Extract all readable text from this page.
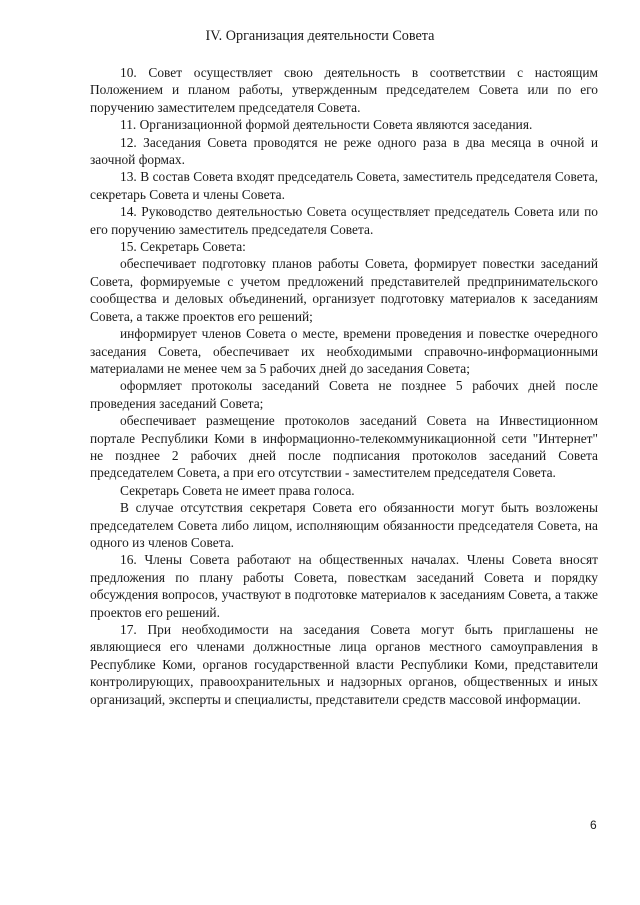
IV. Организация деятельности Совета

10. Совет осуществляет свою деятельность в соответствии с настоящим Положением и планом работы, утвержденным председателем Совета или по его поручению заместителем председателя Совета.

11. Организационной формой деятельности Совета являются заседания.

12. Заседания Совета проводятся не реже одного раза в два месяца в очной и заочной формах.

13. В состав Совета входят председатель Совета, заместитель председателя Совета, секретарь Совета и члены Совета.

14. Руководство деятельностью Совета осуществляет председатель Совета или по его поручению заместитель председателя Совета.

15. Секретарь Совета:

обеспечивает подготовку планов работы Совета, формирует повестки заседаний Совета, формируемые с учетом предложений представителей предпринимательского сообщества и деловых объединений, организует подготовку материалов к заседаниям Совета, а также проектов его решений;

информирует членов Совета о месте, времени проведения и повестке очередного заседания Совета, обеспечивает их необходимыми справочно-информационными материалами не менее чем за 5 рабочих дней до заседания Совета;

оформляет протоколы заседаний Совета не позднее 5 рабочих дней после проведения заседаний Совета;

обеспечивает размещение протоколов заседаний Совета на Инвестиционном портале Республики Коми в информационно-телекоммуникационной сети "Интернет" не позднее 2 рабочих дней после подписания протоколов заседаний Совета председателем Совета, а при его отсутствии - заместителем председателя Совета.

Секретарь Совета не имеет права голоса.

В случае отсутствия секретаря Совета его обязанности могут быть возложены председателем Совета либо лицом, исполняющим обязанности председателя Совета, на одного из членов Совета.

16. Члены Совета работают на общественных началах. Члены Совета вносят предложения по плану работы Совета, повесткам заседаний Совета и порядку обсуждения вопросов, участвуют в подготовке материалов к заседаниям Совета, а также проектов его решений.

17. При необходимости на заседания Совета могут быть приглашены не являющиеся его членами должностные лица органов местного самоуправления в Республике Коми, органов государственной власти Республики Коми, представители контролирующих, правоохранительных и надзорных органов, общественных и иных организаций, эксперты и специалисты, представители средств массовой информации.

6
